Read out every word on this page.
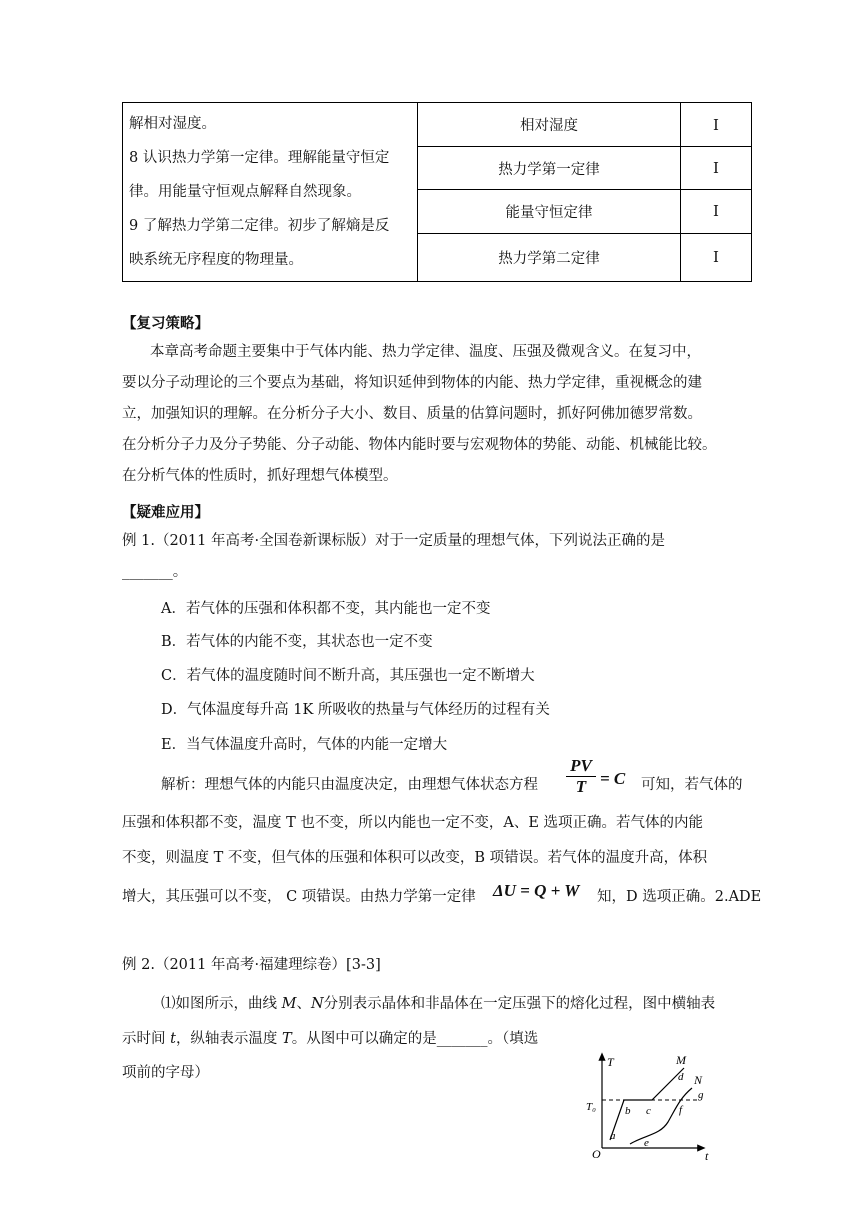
解相对湿度。
8 认识热力学第一定律。理解能量守恒定
律。用能量守恒观点解释自然现象。
9 了解热力学第二定律。初步了解熵是反
映系统无序程度的物理量。	相对湿度	I
	热力学第一定律	I
	能量守恒定律	I
	热力学第二定律	I
【复习策略】
本章高考命题主要集中于气体内能、热力学定律、温度、压强及微观含义。在复习中，
要以分子动理论的三个要点为基础，将知识延伸到物体的内能、热力学定律，重视概念的建
立，加强知识的理解。在分析分子大小、数目、质量的估算问题时，抓好阿佛加德罗常数。
在分析分子力及分子势能、分子动能、物体内能时要与宏观物体的势能、动能、机械能比较。
在分析气体的性质时，抓好理想气体模型。
【疑难应用】
例 1.（2011 年高考·全国卷新课标版）对于一定质量的理想气体，下列说法正确的是
_______。
A．若气体的压强和体积都不变，其内能也一定不变
B．若气体的内能不变，其状态也一定不变
C．若气体的温度随时间不断升高，其压强也一定不断增大
D．气体温度每升高 1K 所吸收的热量与气体经历的过程有关
E．当气体温度升高时，气体的内能一定增大
解析：理想气体的内能只由温度决定，由理想气体状态方程
PV
T = C 可知，若气体的
压强和体积都不变，温度 T 也不变，所以内能也一定不变，A、E 选项正确。若气体的内能
不变，则温度 T 不变，但气体的压强和体积可以改变，B 项错误。若气体的温度升高，体积
增大，其压强可以不变， C 项错误。由热力学第一定律 ΔU = Q + W 知，D 选项正确。2.ADE
例 2.（2011 年高考·福建理综卷）[3-3]
⑴如图所示，曲线 M、N分别表示晶体和非晶体在一定压强下的熔化过程，图中横轴表
示时间 t，纵轴表示温度 T。从图中可以确定的是_______。（填选
项前的字母）
T
t
O
T₀
M
N
a
b c
d
e
f
g
